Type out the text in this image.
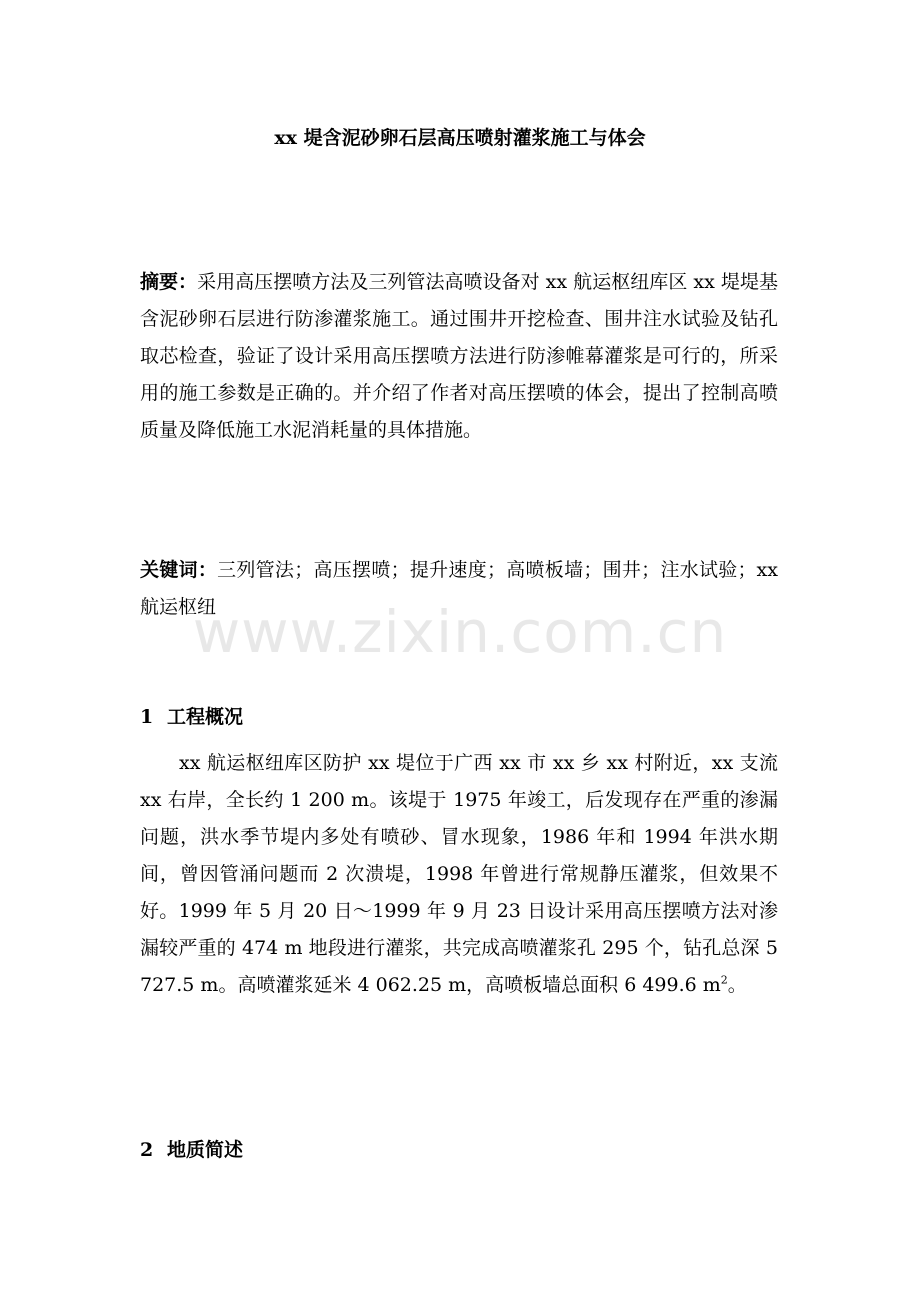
xx 堤含泥砂卵石层高压喷射灌浆施工与体会

摘要：采用高压摆喷方法及三列管法高喷设备对 xx 航运枢纽库区 xx 堤堤基含泥砂卵石层进行防渗灌浆施工。通过围井开挖检查、围井注水试验及钻孔取芯检查，验证了设计采用高压摆喷方法进行防渗帷幕灌浆是可行的，所采用的施工参数是正确的。并介绍了作者对高压摆喷的体会，提出了控制高喷质量及降低施工水泥消耗量的具体措施。

关键词：三列管法；高压摆喷；提升速度；高喷板墙；围井；注水试验；xx 航运枢纽

1 工程概况

xx 航运枢纽库区防护 xx 堤位于广西 xx 市 xx 乡 xx 村附近，xx 支流 xx 右岸，全长约 1 200 m。该堤于 1975 年竣工，后发现存在严重的渗漏问题，洪水季节堤内多处有喷砂、冒水现象，1986 年和 1994 年洪水期间，曾因管涌问题而 2 次溃堤，1998 年曾进行常规静压灌浆，但效果不好。1999 年 5 月 20 日～1999 年 9 月 23 日设计采用高压摆喷方法对渗漏较严重的 474 m 地段进行灌浆，共完成高喷灌浆孔 295 个，钻孔总深 5 727.5 m。高喷灌浆延米 4 062.25 m，高喷板墙总面积 6 499.6 $m^2$。

2 地质简述
www.zixin.com.cn
